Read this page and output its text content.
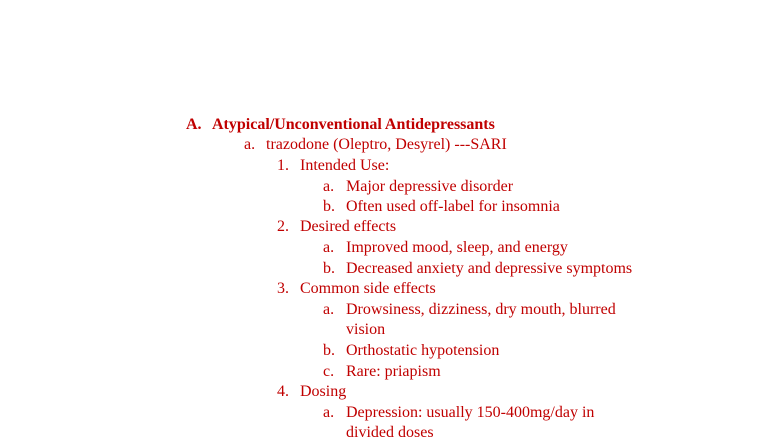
A. Atypical/Unconventional Antidepressants
a. trazodone (Oleptro, Desyrel) ---SARI
1. Intended Use:
a. Major depressive disorder
b. Often used off-label for insomnia
2. Desired effects
a. Improved mood, sleep, and energy
b. Decreased anxiety and depressive symptoms
3. Common side effects
a. Drowsiness, dizziness, dry mouth, blurred
vision
b. Orthostatic hypotension
c. Rare: priapism
4. Dosing
a. Depression: usually 150-400mg/day in
divided doses
